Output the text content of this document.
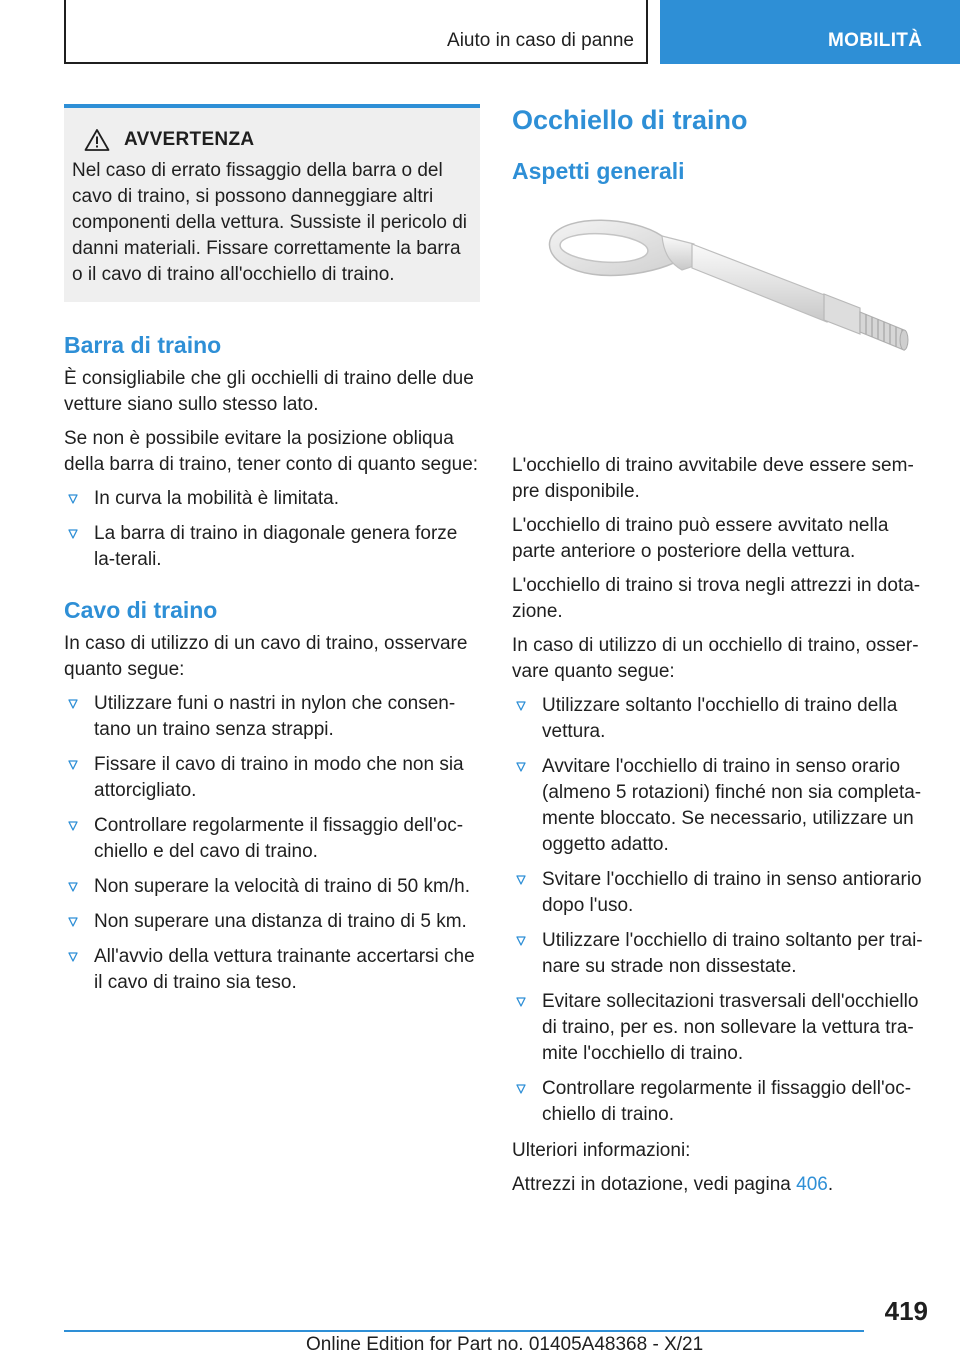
Aiuto in caso di panne	MOBILITÀ
AVVERTENZA

Nel caso di errato fissaggio della barra o del cavo di traino, si possono danneggiare altri componenti della vettura. Sussiste il pericolo di danni materiali. Fissare correttamente la barra o il cavo di traino all'occhiello di traino.

Barra di traino

È consigliabile che gli occhielli di traino delle due vetture siano sullo stesso lato.

Se non è possibile evitare la posizione obliqua della barra di traino, tener conto di quanto segue:

In curva la mobilità è limitata.
La barra di traino in diagonale genera forze la-terali.
Cavo di traino

In caso di utilizzo di un cavo di traino, osservare quanto segue:

Utilizzare funi o nastri in nylon che consen-tano un traino senza strappi.
Fissare il cavo di traino in modo che non sia attorcigliato.
Controllare regolarmente il fissaggio dell'oc-chiello e del cavo di traino.
Non superare la velocità di traino di 50 km/h.
Non superare una distanza di traino di 5 km.
All'avvio della vettura trainante accertarsi che il cavo di traino sia teso.
Occhiello di traino
Aspetti generali

L'occhiello di traino avvitabile deve essere sem-pre disponibile.

L'occhiello di traino può essere avvitato nella parte anteriore o posteriore della vettura.

L'occhiello di traino si trova negli attrezzi in dota-zione.

In caso di utilizzo di un occhiello di traino, osser-vare quanto segue:

Utilizzare soltanto l'occhiello di traino della vettura.
Avvitare l'occhiello di traino in senso orario (almeno 5 rotazioni) finché non sia completa-mente bloccato. Se necessario, utilizzare un oggetto adatto.
Svitare l'occhiello di traino in senso antiorario dopo l'uso.
Utilizzare l'occhiello di traino soltanto per trai-nare su strade non dissestate.
Evitare sollecitazioni trasversali dell'occhiello di traino, per es. non sollevare la vettura tra-mite l'occhiello di traino.
Controllare regolarmente il fissaggio dell'oc-chiello di traino.

Ulteriori informazioni:

Attrezzi in dotazione, vedi pagina 406.

419
Online Edition for Part no. 01405A48368 - X/21
